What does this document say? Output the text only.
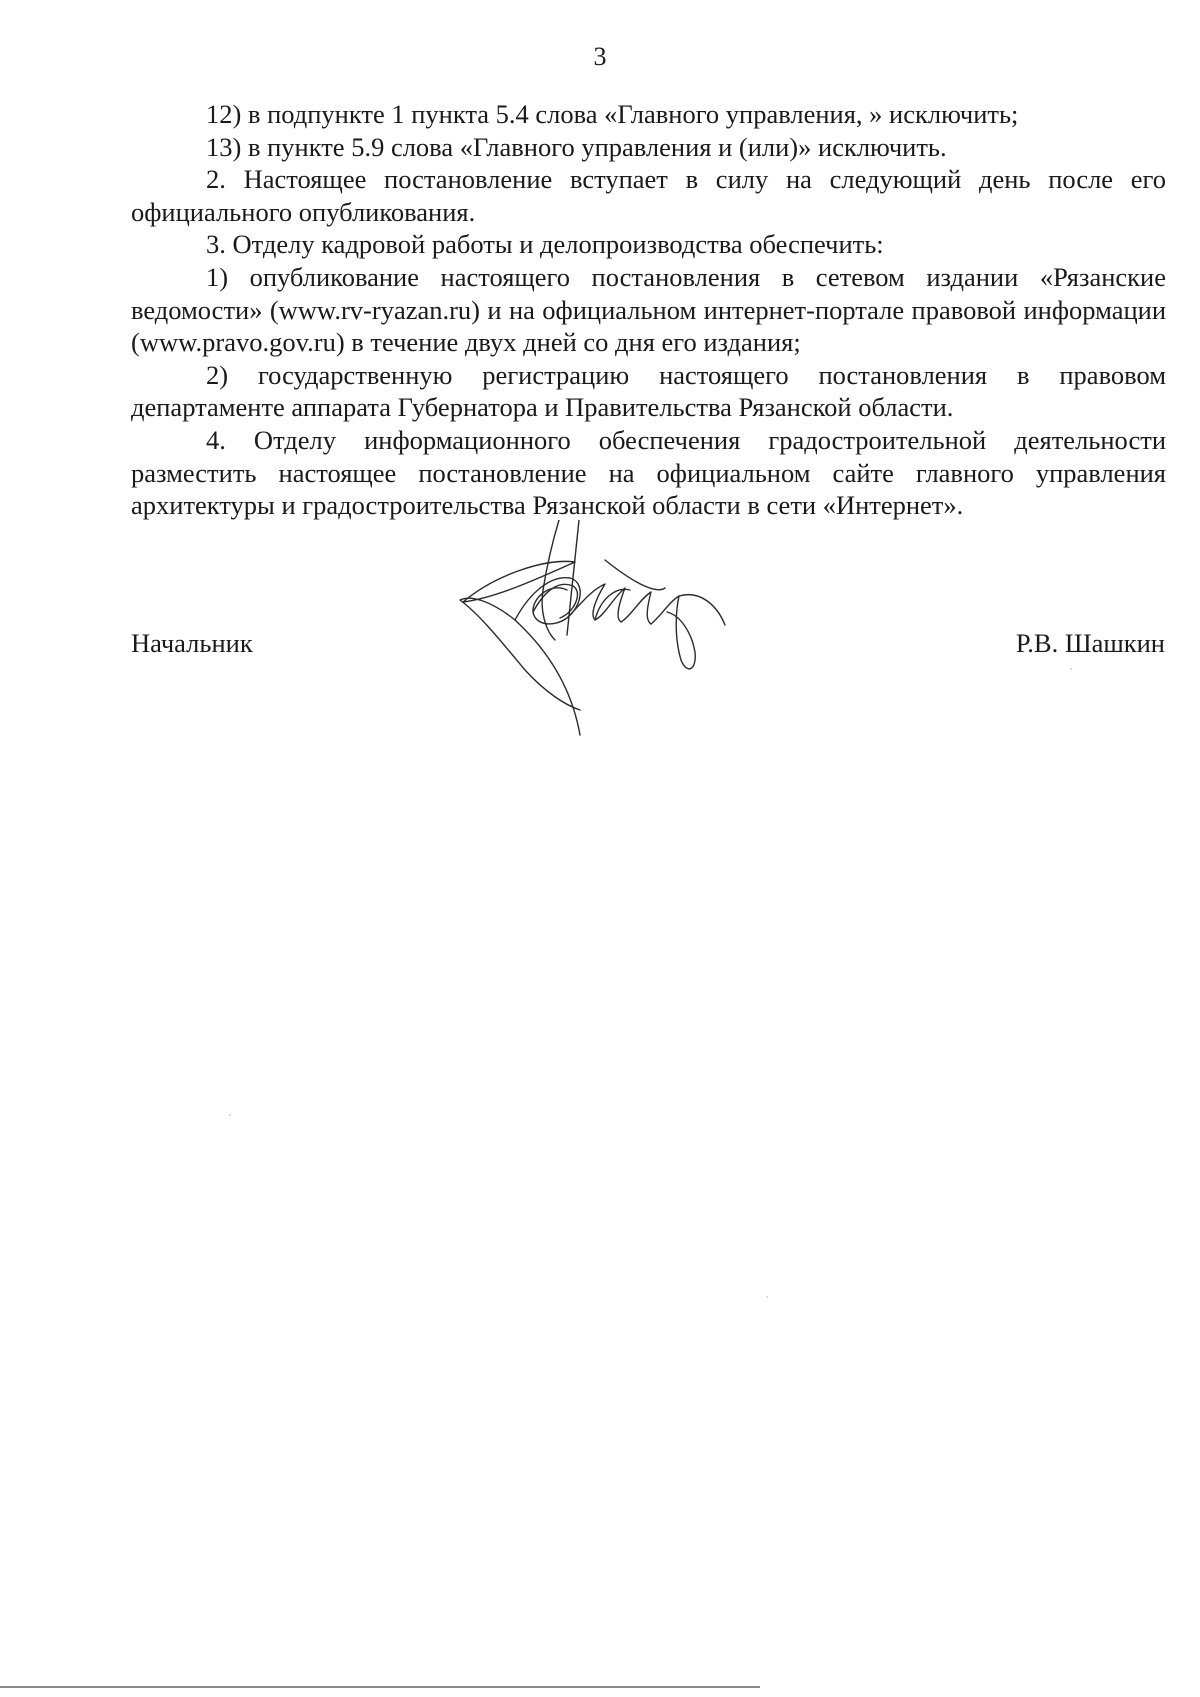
3

12) в подпункте 1 пункта 5.4 слова «Главного управления, » исключить;

13) в пункте 5.9 слова «Главного управления и (или)» исключить.

2. Настоящее постановление вступает в силу на следующий день после его официального опубликования.

3. Отделу кадровой работы и делопроизводства обеспечить:

1) опубликование настоящего постановления в сетевом издании «Рязанские ведомости» (www.rv-ryazan.ru) и на официальном интернет-портале правовой информации (www.pravo.gov.ru) в течение двух дней со дня его издания;

2) государственную регистрацию настоящего постановления в правовом департаменте аппарата Губернатора и Правительства Рязанской области.

4. Отделу информационного обеспечения градостроительной деятельности разместить настоящее постановление на официальном сайте главного управления архитектуры и градостроительства Рязанской области в сети «Интернет».

Начальник	Р.В. Шашкин
